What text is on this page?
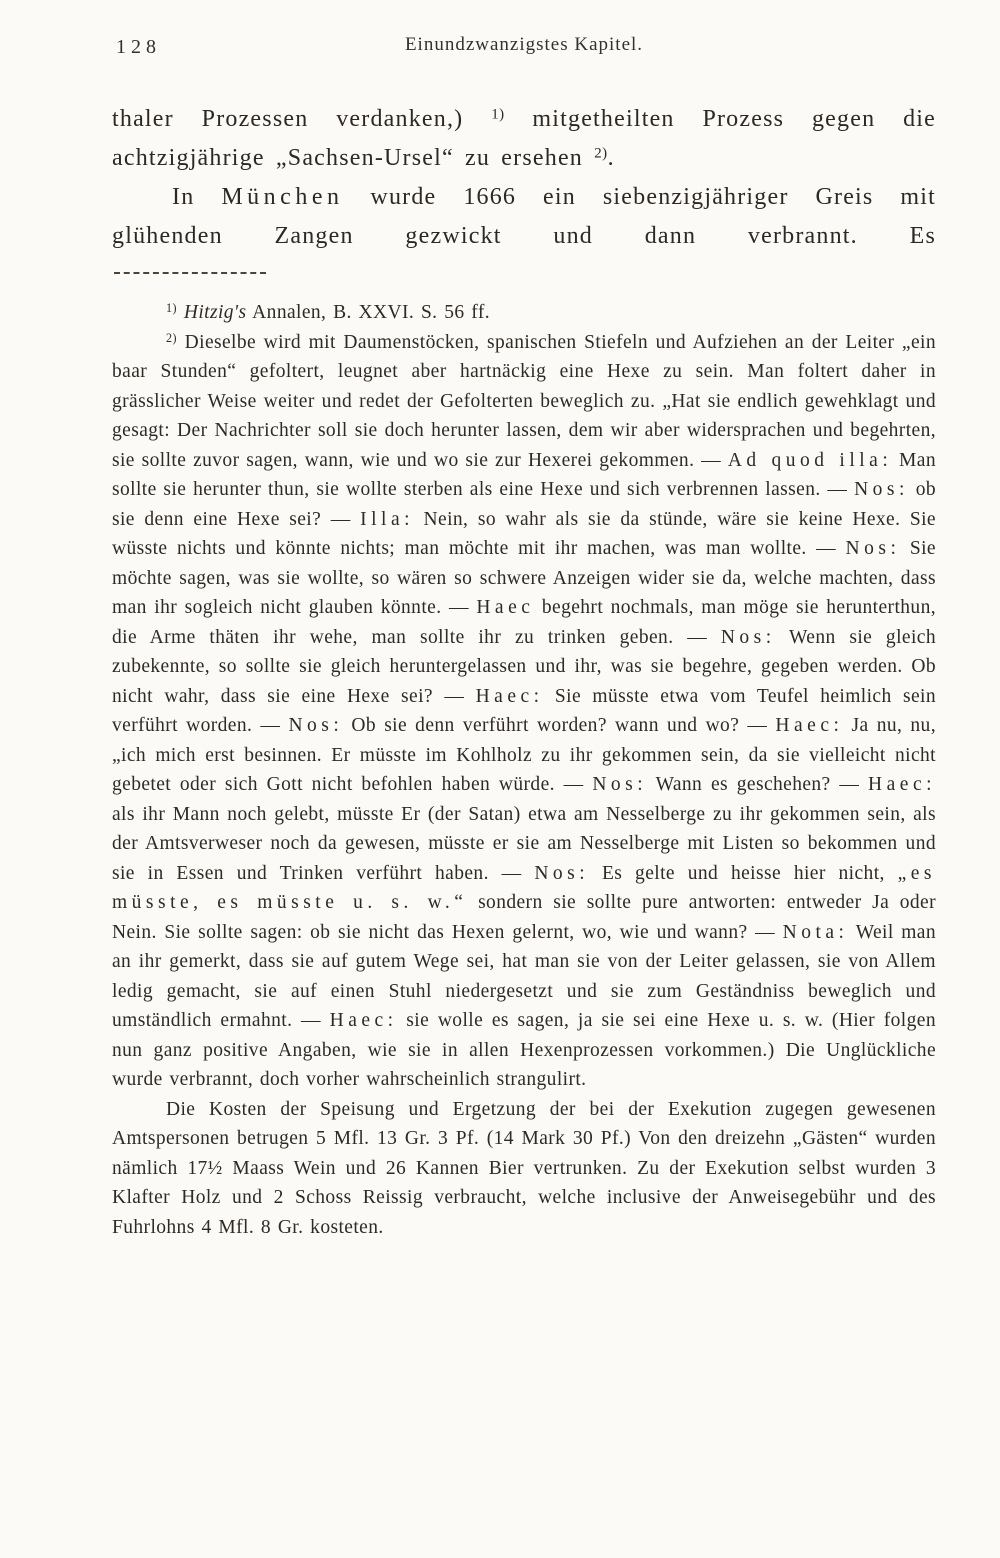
128	Einundzwanzigstes Kapitel.

thaler Prozessen verdanken,) $^{1)}$ mitgetheilten Prozess gegen die achtzigjährige „Sachsen-Ursel“ zu ersehen $^{2)}$.

In München wurde 1666 ein siebenzigjähriger Greis mit glühenden Zangen gezwickt und dann verbrannt. Es

$^{1)}$ Hitzig's Annalen, B. XXVI. S. 56 ff.

$^{2)}$ Dieselbe wird mit Daumenstöcken, spanischen Stiefeln und Aufziehen an der Leiter „ein baar Stunden“ gefoltert, leugnet aber hartnäckig eine Hexe zu sein. Man foltert daher in grässlicher Weise weiter und redet der Gefolterten beweglich zu. „Hat sie endlich gewehklagt und gesagt: Der Nachrichter soll sie doch herunter lassen, dem wir aber widersprachen und begehrten, sie sollte zuvor sagen, wann, wie und wo sie zur Hexerei gekommen. — Ad quod illa: Man sollte sie herunter thun, sie wollte sterben als eine Hexe und sich verbrennen lassen. — Nos: ob sie denn eine Hexe sei? — Illa: Nein, so wahr als sie da stünde, wäre sie keine Hexe. Sie wüsste nichts und könnte nichts; man möchte mit ihr machen, was man wollte. — Nos: Sie möchte sagen, was sie wollte, so wären so schwere Anzeigen wider sie da, welche machten, dass man ihr sogleich nicht glauben könnte. — Haec begehrt nochmals, man möge sie herunterthun, die Arme thäten ihr wehe, man sollte ihr zu trinken geben. — Nos: Wenn sie gleich zubekennte, so sollte sie gleich heruntergelassen und ihr, was sie begehre, gegeben werden. Ob nicht wahr, dass sie eine Hexe sei? — Haec: Sie müsste etwa vom Teufel heimlich sein verführt worden. — Nos: Ob sie denn verführt worden? wann und wo? — Haec: Ja nu, nu, „ich mich erst besinnen. Er müsste im Kohlholz zu ihr gekommen sein, da sie vielleicht nicht gebetet oder sich Gott nicht befohlen haben würde. — Nos: Wann es geschehen? — Haec: als ihr Mann noch gelebt, müsste Er (der Satan) etwa am Nesselberge zu ihr gekommen sein, als der Amtsverweser noch da gewesen, müsste er sie am Nesselberge mit Listen so bekommen und sie in Essen und Trinken verführt haben. — Nos: Es gelte und heisse hier nicht, „es müsste, es müsste u. s. w.“ sondern sie sollte pure antworten: entweder Ja oder Nein. Sie sollte sagen: ob sie nicht das Hexen gelernt, wo, wie und wann? — Nota: Weil man an ihr gemerkt, dass sie auf gutem Wege sei, hat man sie von der Leiter gelassen, sie von Allem ledig gemacht, sie auf einen Stuhl niedergesetzt und sie zum Geständniss beweglich und umständlich ermahnt. — Haec: sie wolle es sagen, ja sie sei eine Hexe u. s. w. (Hier folgen nun ganz positive Angaben, wie sie in allen Hexenprozessen vorkommen.) Die Unglückliche wurde verbrannt, doch vorher wahrscheinlich strangulirt.

Die Kosten der Speisung und Ergetzung der bei der Exekution zugegen gewesenen Amtspersonen betrugen 5 Mfl. 13 Gr. 3 Pf. (14 Mark 30 Pf.) Von den dreizehn „Gästen“ wurden nämlich 17½ Maass Wein und 26 Kannen Bier vertrunken. Zu der Exekution selbst wurden 3 Klafter Holz und 2 Schoss Reissig verbraucht, welche inclusive der Anweisegebühr und des Fuhrlohns 4 Mfl. 8 Gr. kosteten.
